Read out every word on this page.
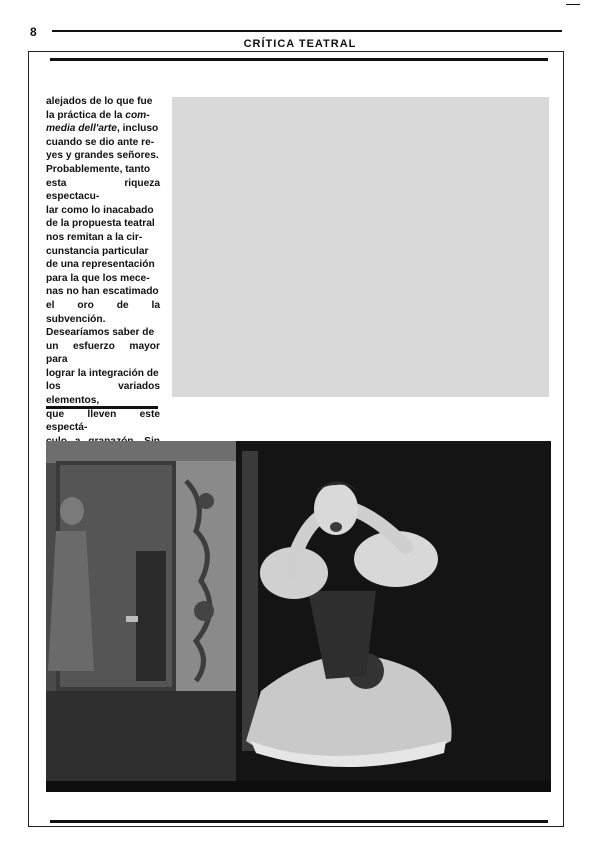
8
CRÍTICA TEATRAL

alejados de lo que fue

la práctica de la com-

media dell'arte, incluso

cuando se dio ante re-

yes y grandes señores.

Probablemente, tanto

esta riqueza espectacu-

lar como lo inacabado

de la propuesta teatral

nos remitan a la cir-

cunstancia particular

de una representación

para la que los mece-

nas no han escatimado

el oro de la subvención.

Desearíamos saber de

un esfuerzo mayor para

lograr la integración de

los variados elementos,

que lleven este espectá-
